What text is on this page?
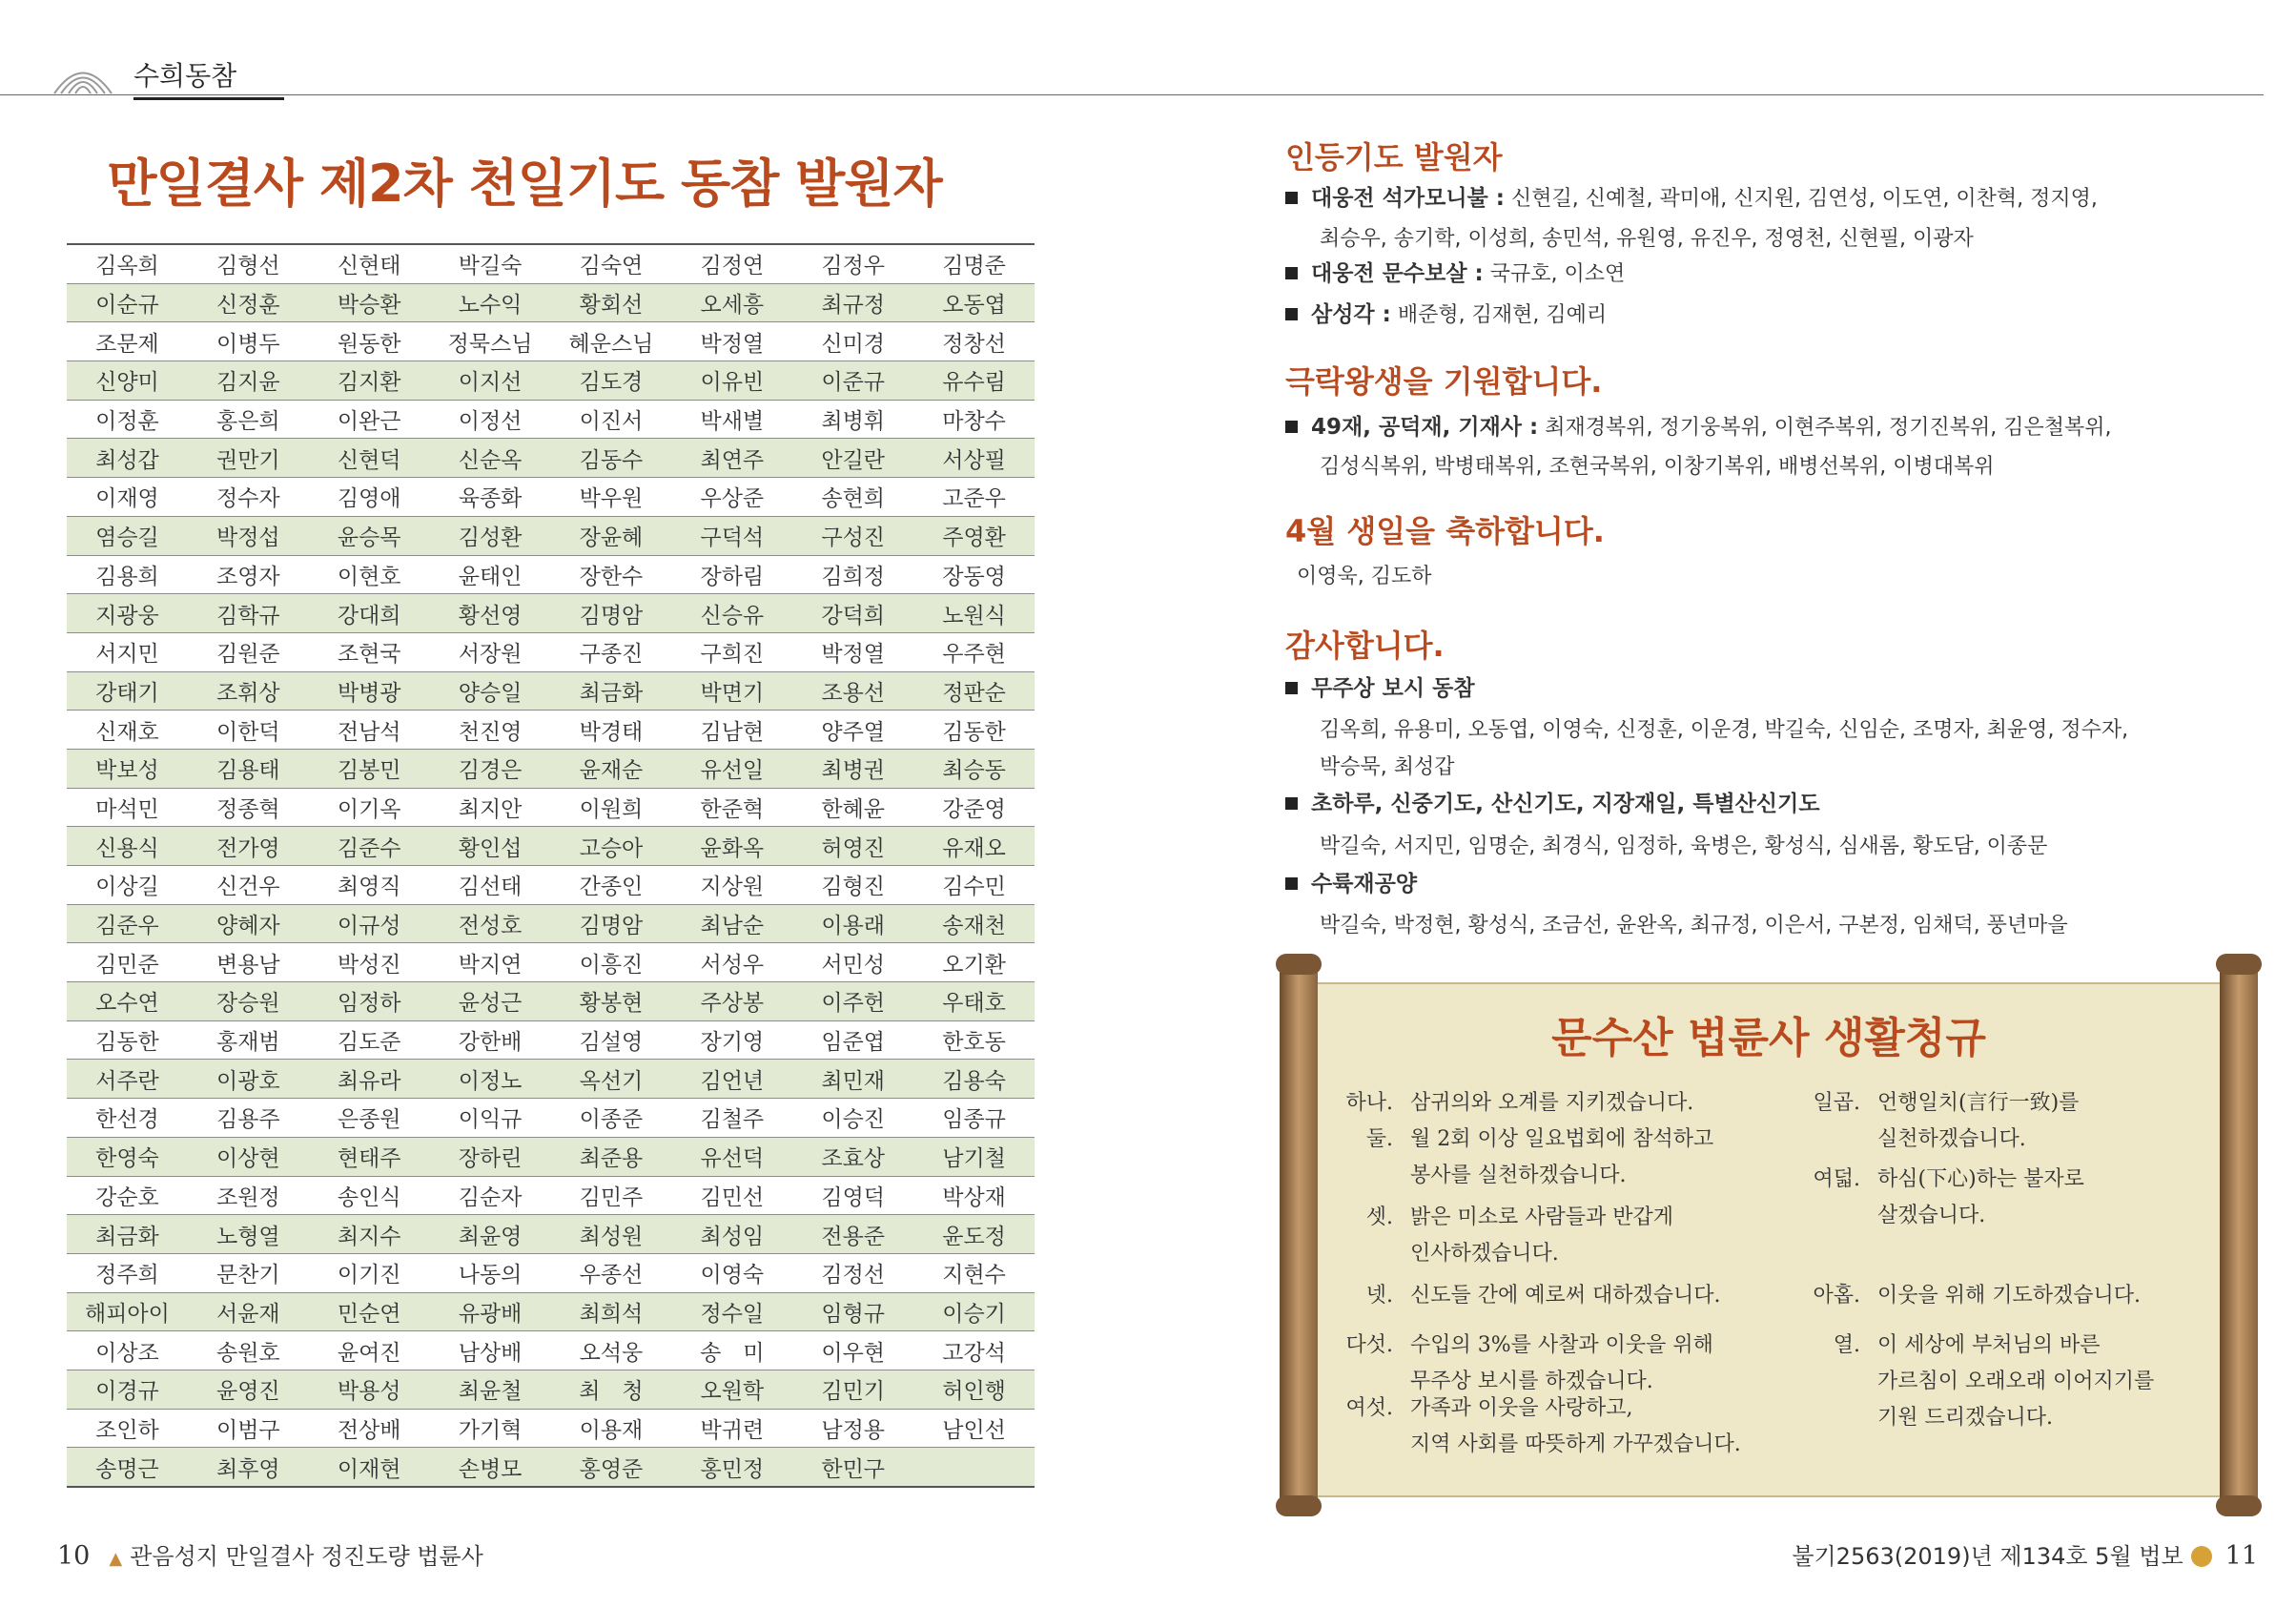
수희동참
만일결사 제2차 천일기도 동참 발원자
김옥희	김형선	신현태	박길숙	김숙연	김정연	김정우	김명준
이순규	신정훈	박승환	노수익	황회선	오세흥	최규정	오동엽
조문제	이병두	원동한	정묵스님	혜운스님	박정열	신미경	정창선
신양미	김지윤	김지환	이지선	김도경	이유빈	이준규	유수림
이정훈	홍은희	이완근	이정선	이진서	박새별	최병휘	마창수
최성갑	권만기	신현덕	신순옥	김동수	최연주	안길란	서상필
이재영	정수자	김영애	육종화	박우원	우상준	송현희	고준우
염승길	박정섭	윤승목	김성환	장윤혜	구덕석	구성진	주영환
김용희	조영자	이현호	윤태인	장한수	장하림	김희정	장동영
지광웅	김학규	강대희	황선영	김명암	신승유	강덕희	노원식
서지민	김원준	조현국	서장원	구종진	구희진	박정열	우주현
강태기	조휘상	박병광	양승일	최금화	박면기	조용선	정판순
신재호	이한덕	전남석	천진영	박경태	김남현	양주열	김동한
박보성	김용태	김봉민	김경은	윤재순	유선일	최병권	최승동
마석민	정종혁	이기옥	최지안	이원희	한준혁	한혜윤	강준영
신용식	전가영	김준수	황인섭	고승아	윤화옥	허영진	유재오
이상길	신건우	최영직	김선태	간종인	지상원	김형진	김수민
김준우	양혜자	이규성	전성호	김명암	최남순	이용래	송재천
김민준	변용남	박성진	박지연	이흥진	서성우	서민성	오기환
오수연	장승원	임정하	윤성근	황봉현	주상봉	이주헌	우태호
김동한	홍재범	김도준	강한배	김설영	장기영	임준엽	한호동
서주란	이광호	최유라	이정노	옥선기	김언년	최민재	김용숙
한선경	김용주	은종원	이익규	이종준	김철주	이승진	임종규
한영숙	이상현	현태주	장하린	최준용	유선덕	조효상	남기철
강순호	조원정	송인식	김순자	김민주	김민선	김영덕	박상재
최금화	노형열	최지수	최윤영	최성원	최성임	전용준	윤도정
정주희	문찬기	이기진	나동의	우종선	이영숙	김정선	지현수
해피아이	서윤재	민순연	유광배	최희석	정수일	임형규	이승기
이상조	송원호	윤여진	남상배	오석웅	송　미	이우현	고강석
이경규	윤영진	박용성	최윤철	최　청	오원학	김민기	허인행
조인하	이범구	전상배	가기혁	이용재	박귀련	남정용	남인선
송명근	최후영	이재현	손병모	홍영준	홍민정	한민구	
인등기도 발원자
대웅전 석가모니불 : 신현길, 신예철, 곽미애, 신지원, 김연성, 이도연, 이찬혁, 정지영,
최승우, 송기학, 이성희, 송민석, 유원영, 유진우, 정영천, 신현필, 이광자
대웅전 문수보살 : 국규호, 이소연
삼성각 : 배준형, 김재현, 김예리
극락왕생을 기원합니다.
49재, 공덕재, 기재사 : 최재경복위, 정기웅복위, 이현주복위, 정기진복위, 김은철복위,
김성식복위, 박병태복위, 조현국복위, 이창기복위, 배병선복위, 이병대복위
4월 생일을 축하합니다.
이영욱, 김도하
감사합니다.
무주상 보시 동참
김옥희, 유용미, 오동엽, 이영숙, 신정훈, 이운경, 박길숙, 신임순, 조명자, 최윤영, 정수자,
박승묵, 최성갑
초하루, 신중기도, 산신기도, 지장재일, 특별산신기도
박길숙, 서지민, 임명순, 최경식, 임정하, 육병은, 황성식, 심새롬, 황도담, 이종문
수륙재공양
박길숙, 박정현, 황성식, 조금선, 윤완옥, 최규정, 이은서, 구본정, 임채덕, 풍년마을
문수산 법륜사 생활청규
하나. 삼귀의와 오계를 지키겠습니다.
둘. 월 2회 이상 일요법회에 참석하고
봉사를 실천하겠습니다.
셋. 밝은 미소로 사람들과 반갑게
인사하겠습니다.
넷. 신도들 간에 예로써 대하겠습니다.
다섯. 수입의 3%를 사찰과 이웃을 위해
무주상 보시를 하겠습니다.
여섯. 가족과 이웃을 사랑하고,
지역 사회를 따뜻하게 가꾸겠습니다.
일곱. 언행일치(言行一致)를
실천하겠습니다.
여덟. 하심(下心)하는 불자로
살겠습니다.
아홉. 이웃을 위해 기도하겠습니다.
열. 이 세상에 부처님의 바른
가르침이 오래오래 이어지기를
기원 드리겠습니다.
10 ▲ 관음성지 만일결사 정진도량 법륜사	불기2563(2019)년 제134호 5월 법보 11
